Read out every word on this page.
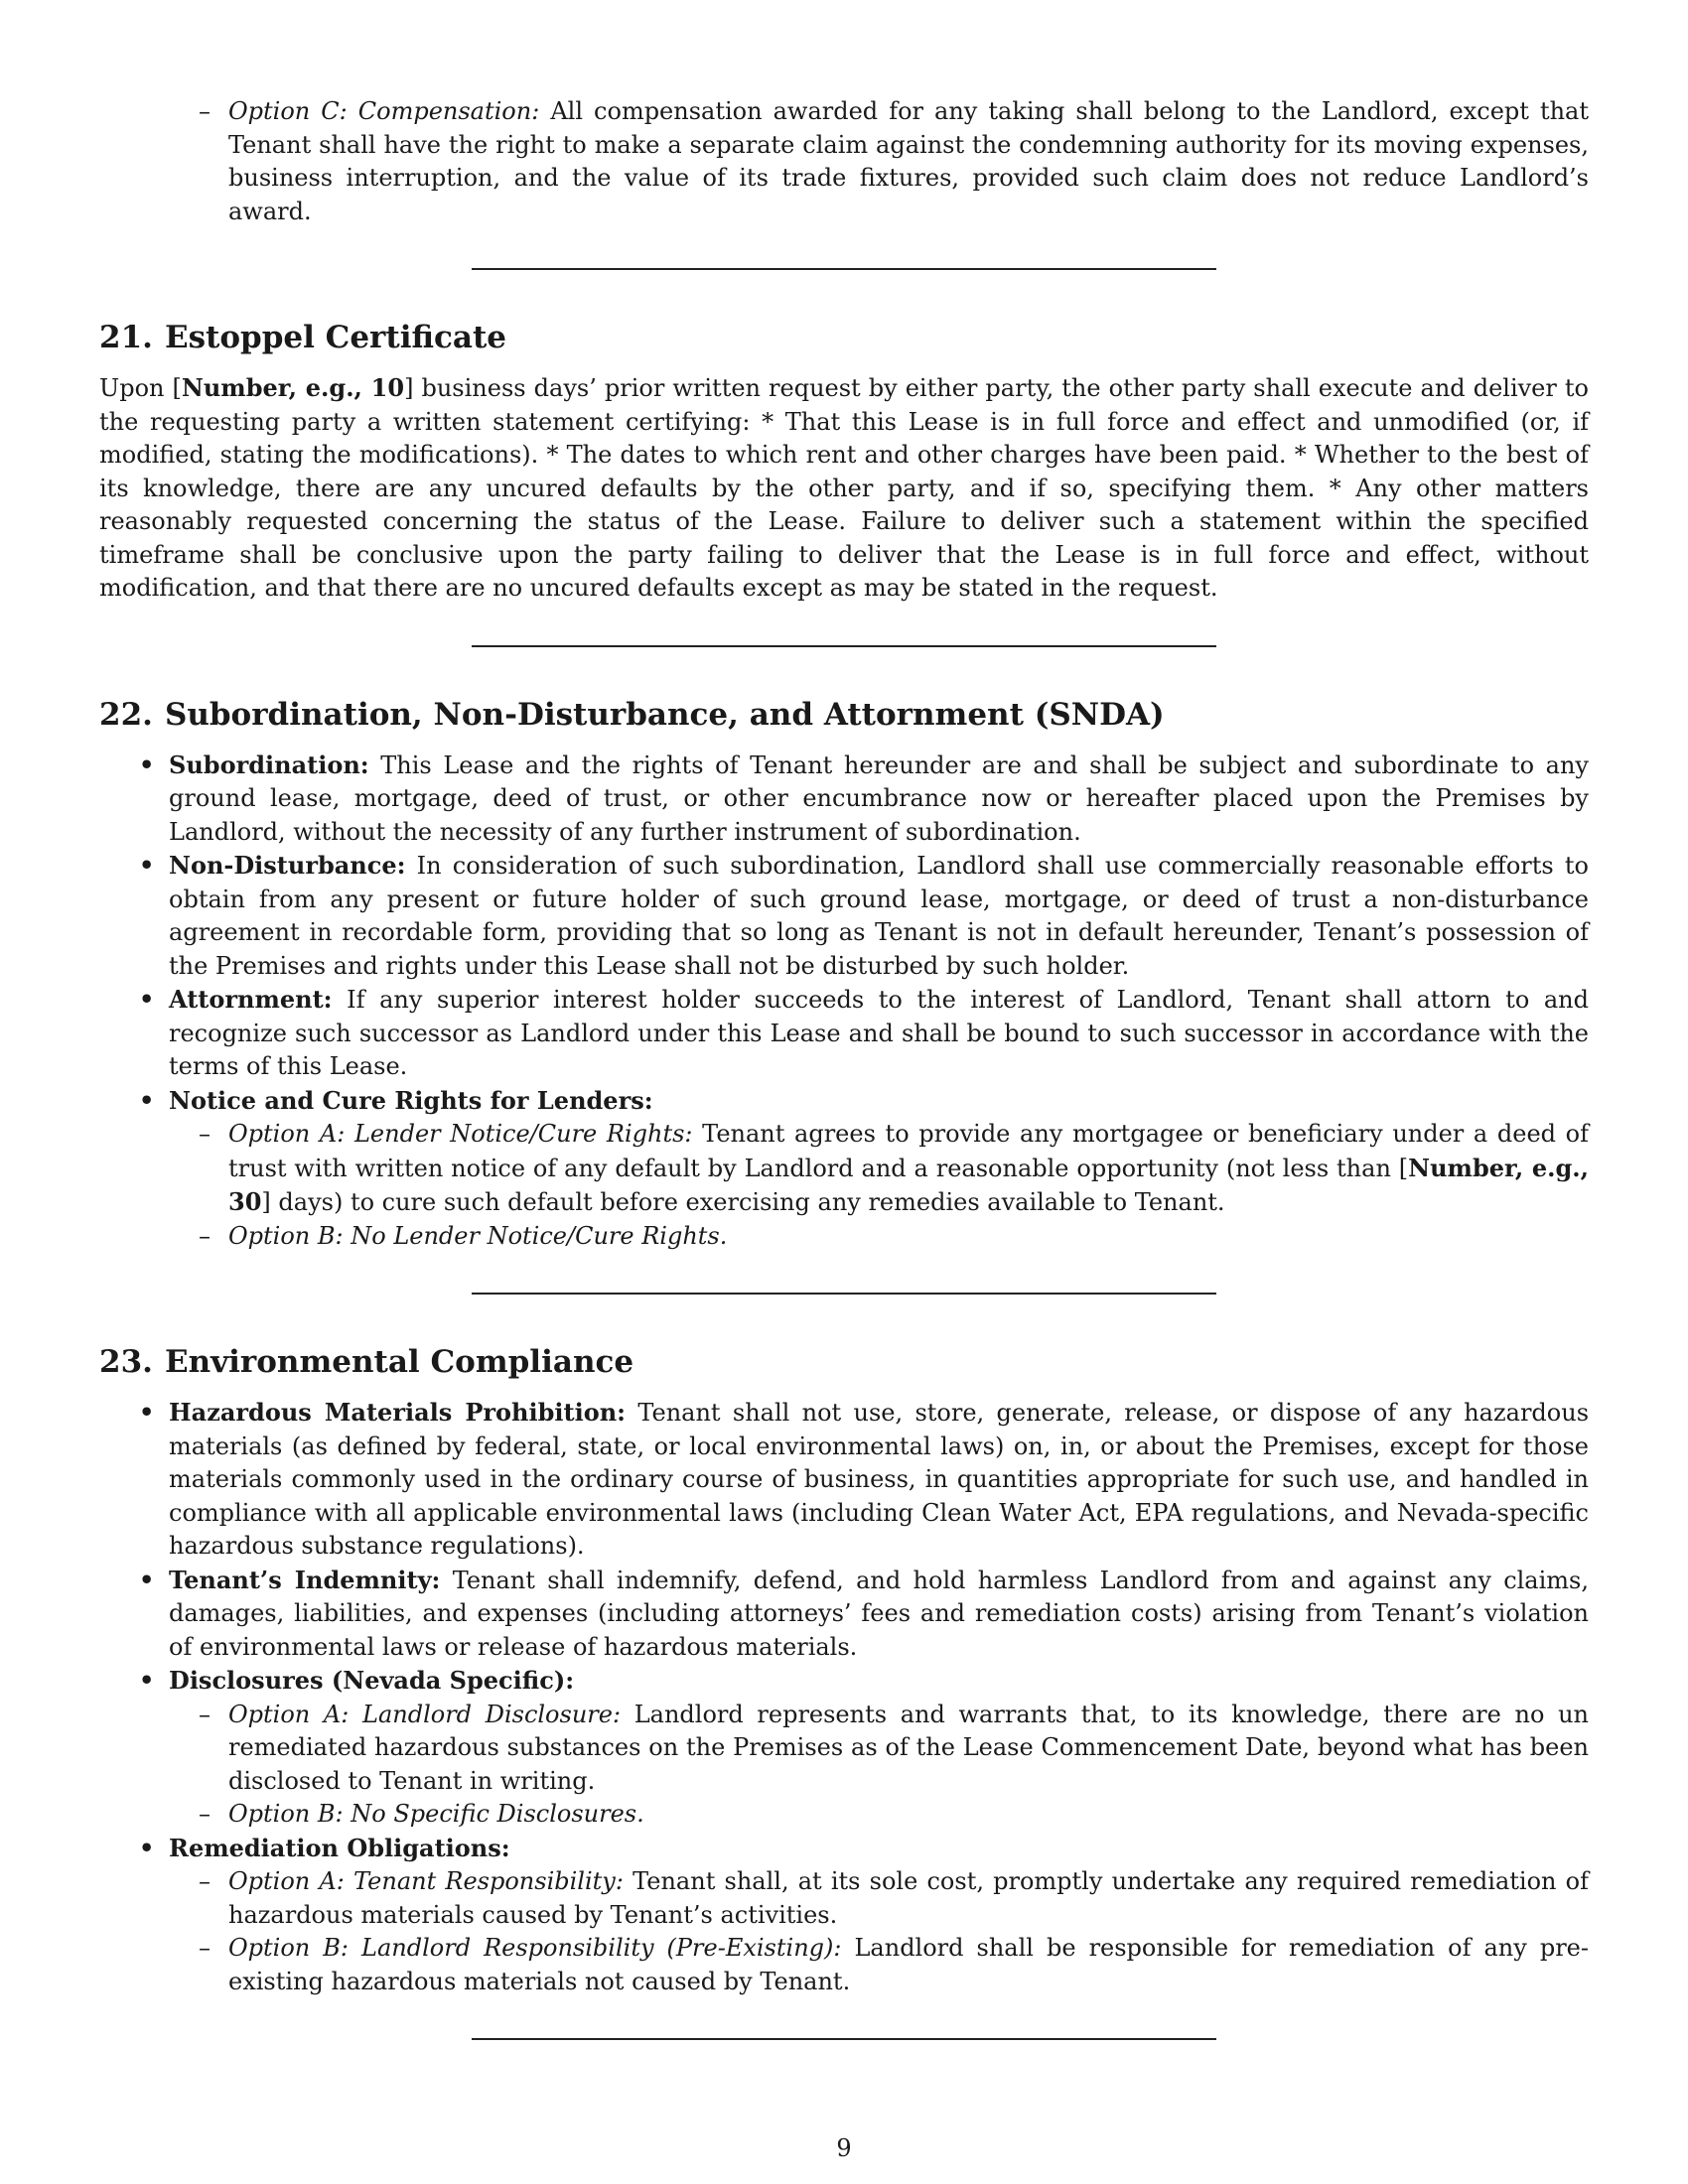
– Option C: Compensation: All compensation awarded for any taking shall belong to the Landlord, except that Tenant shall have the right to make a separate claim against the condemning authority for its moving expenses, business interruption, and the value of its trade fixtures, provided such claim does not reduce Landlord’s award.
21. Estoppel Certificate

Upon [Number, e.g., 10] business days’ prior written request by either party, the other party shall execute and deliver to the requesting party a written statement certifying: * That this Lease is in full force and effect and unmodified (or, if modified, stating the modifications). * The dates to which rent and other charges have been paid. * Whether to the best of its knowledge, there are any uncured defaults by the other party, and if so, specifying them. * Any other matters reasonably requested concerning the status of the Lease. Failure to deliver such a statement within the specified timeframe shall be conclusive upon the party failing to deliver that the Lease is in full force and effect, without modification, and that there are no uncured defaults except as may be stated in the request.

22. Subordination, Non-Disturbance, and Attornment (SNDA)
• Subordination: This Lease and the rights of Tenant hereunder are and shall be subject and subordinate to any ground lease, mortgage, deed of trust, or other encumbrance now or hereafter placed upon the Premises by Landlord, without the necessity of any further instrument of subordination.
• Non-Disturbance: In consideration of such subordination, Landlord shall use commercially reasonable efforts to obtain from any present or future holder of such ground lease, mortgage, or deed of trust a non-disturbance agreement in recordable form, providing that so long as Tenant is not in default hereunder, Tenant’s possession of the Premises and rights under this Lease shall not be disturbed by such holder.
• Attornment: If any superior interest holder succeeds to the interest of Landlord, Tenant shall attorn to and recognize such successor as Landlord under this Lease and shall be bound to such successor in accordance with the terms of this Lease.
• Notice and Cure Rights for Lenders:
– Option A: Lender Notice/Cure Rights: Tenant agrees to provide any mortgagee or beneficiary under a deed of trust with written notice of any default by Landlord and a reasonable opportunity (not less than [Number, e.g., 30] days) to cure such default before exercising any remedies available to Tenant.
– Option B: No Lender Notice/Cure Rights.
23. Environmental Compliance
• Hazardous Materials Prohibition: Tenant shall not use, store, generate, release, or dispose of any hazardous materials (as defined by federal, state, or local environmental laws) on, in, or about the Premises, except for those materials commonly used in the ordinary course of business, in quantities appropriate for such use, and handled in compliance with all applicable environmental laws (including Clean Water Act, EPA regulations, and Nevada-specific hazardous substance regulations).
• Tenant’s Indemnity: Tenant shall indemnify, defend, and hold harmless Landlord from and against any claims, damages, liabilities, and expenses (including attorneys’ fees and remediation costs) arising from Tenant’s violation of environmental laws or release of hazardous materials.
• Disclosures (Nevada Specific):
– Option A: Landlord Disclosure: Landlord represents and warrants that, to its knowledge, there are no un remediated hazardous substances on the Premises as of the Lease Commencement Date, beyond what has been disclosed to Tenant in writing.
– Option B: No Specific Disclosures.
• Remediation Obligations:
– Option A: Tenant Responsibility: Tenant shall, at its sole cost, promptly undertake any required remediation of hazardous materials caused by Tenant’s activities.
– Option B: Landlord Responsibility (Pre-Existing): Landlord shall be responsible for remediation of any pre-existing hazardous materials not caused by Tenant.
9
